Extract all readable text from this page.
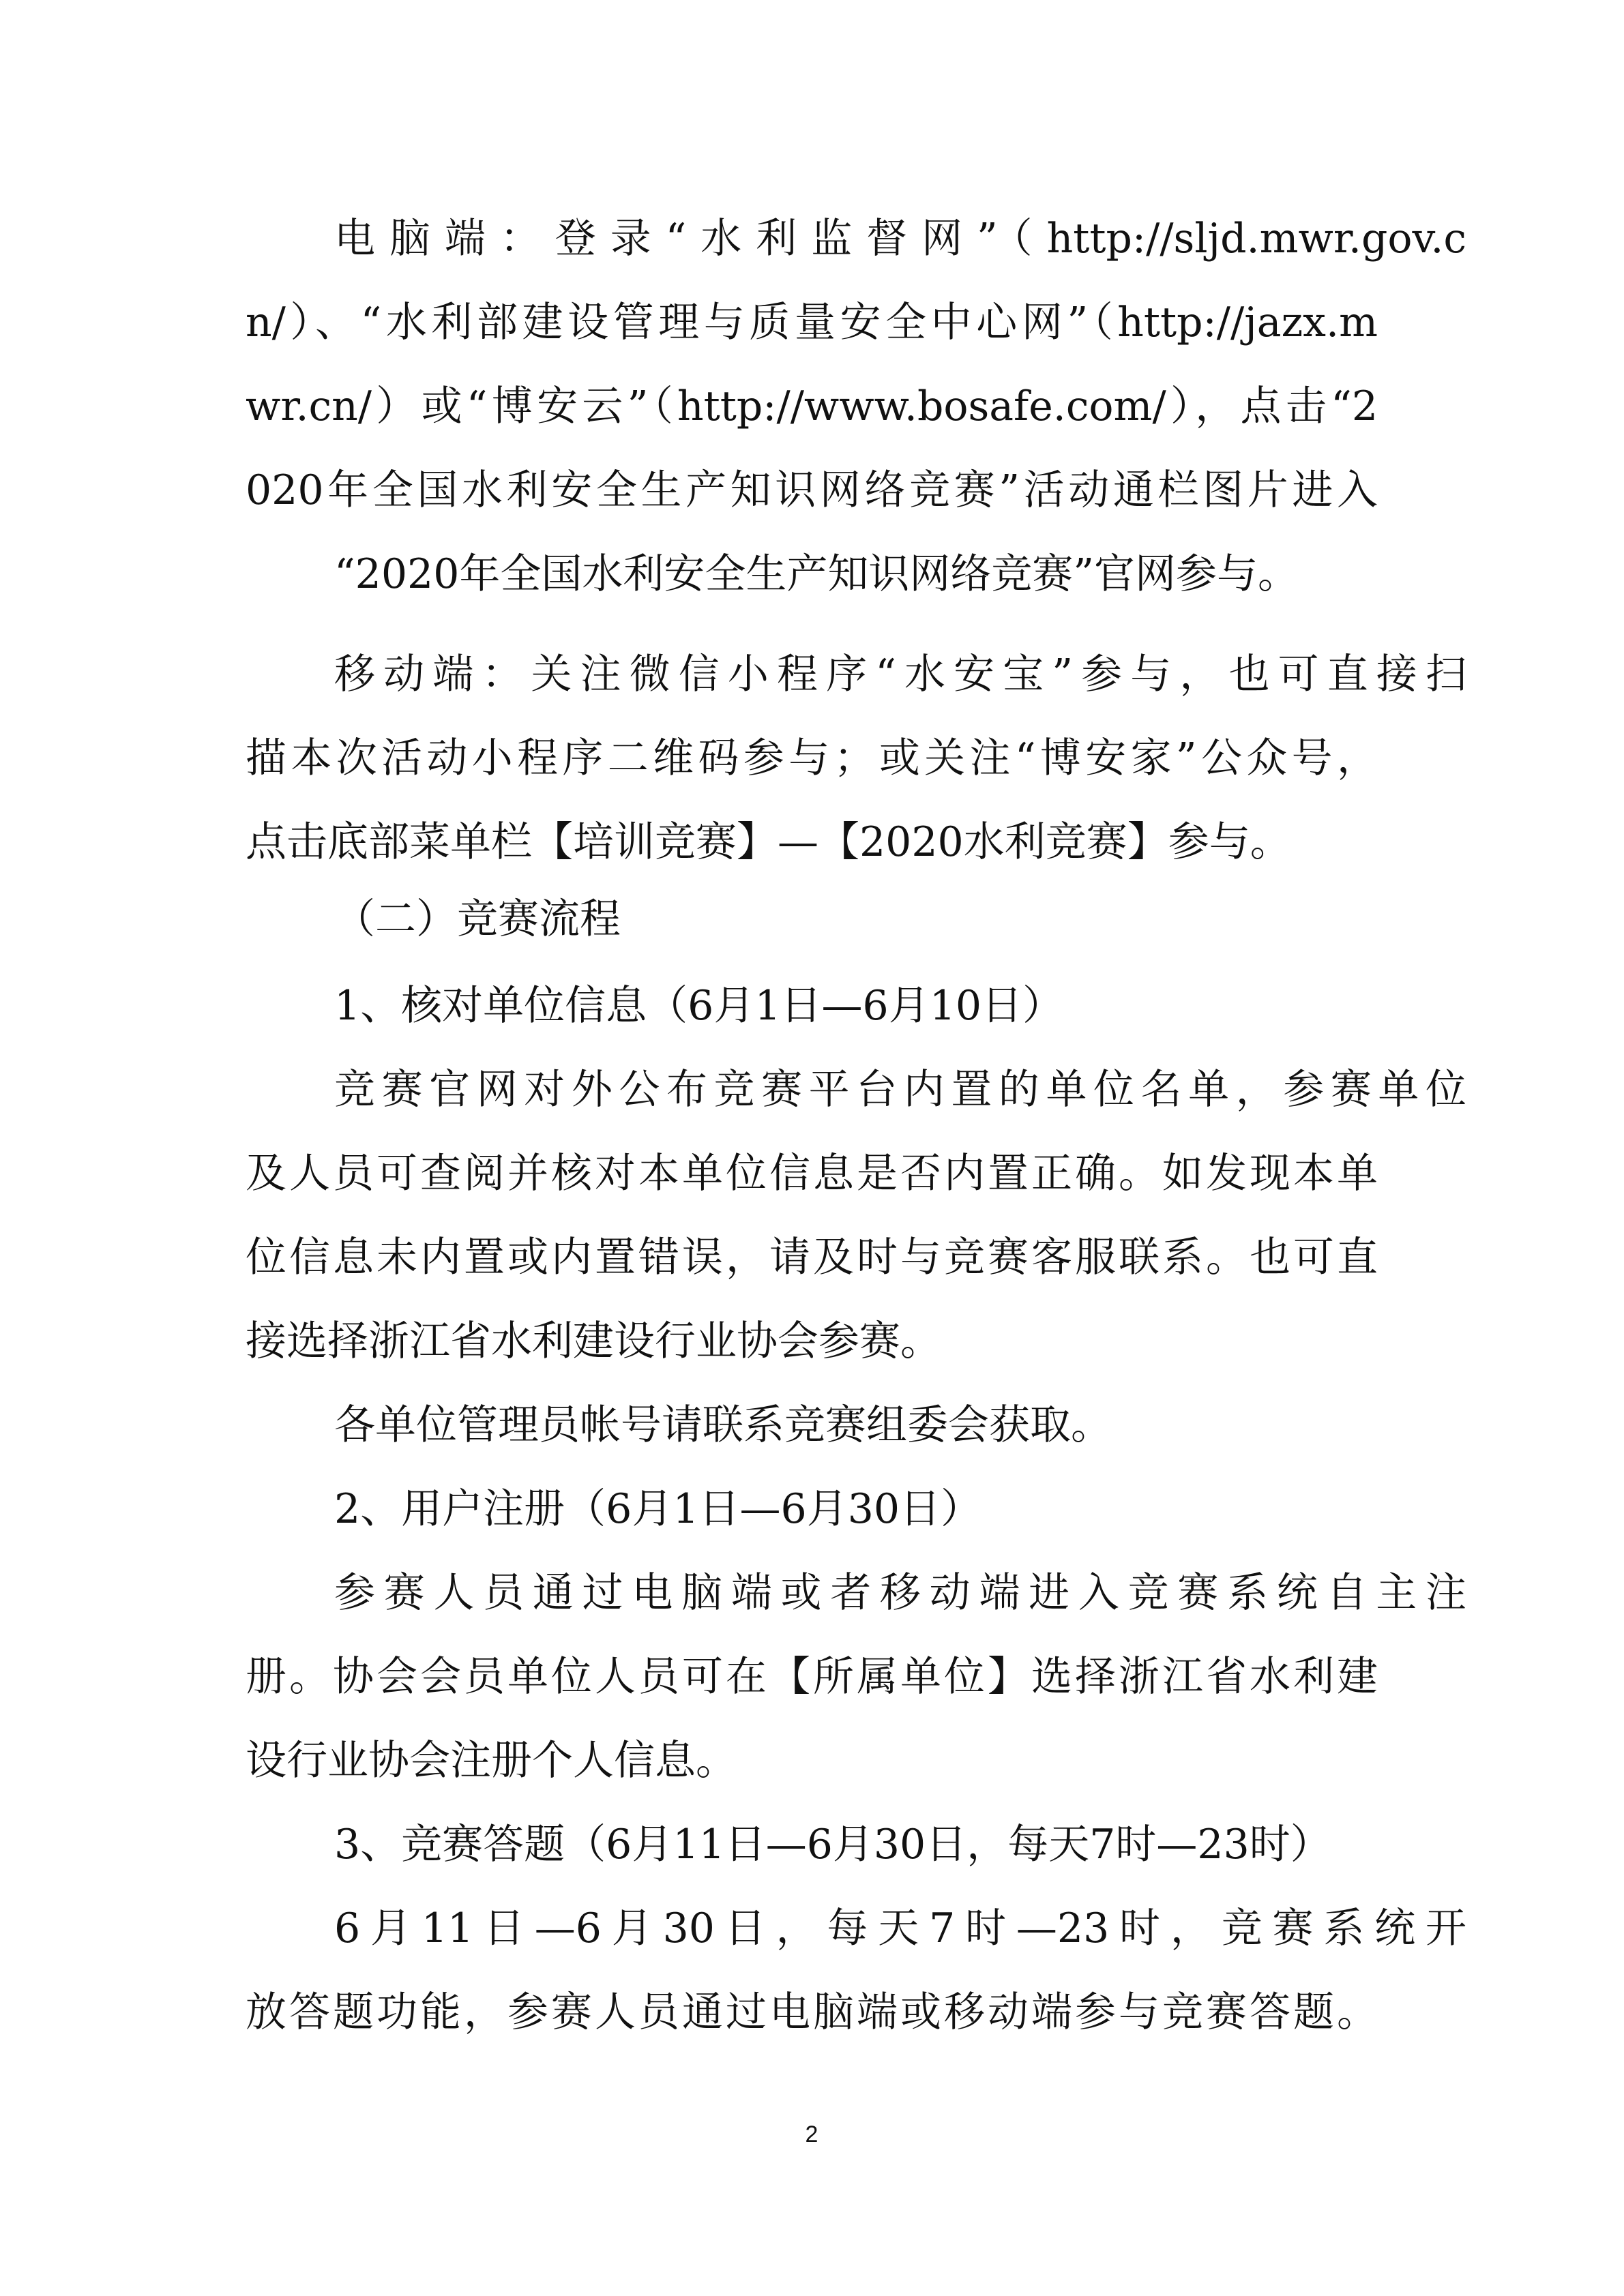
电脑端：登录“水利监督网”（http://sljd.mwr.gov.c
n/）、“水利部建设管理与质量安全中心网”（http://jazx.m
wr.cn/）或“博安云”（http://www.bosafe.com/），点击“2
020年全国水利安全生产知识网络竞赛”活动通栏图片进入
“2020年全国水利安全生产知识网络竞赛”官网参与。
移动端：关注微信小程序“水安宝”参与，也可直接扫
描本次活动小程序二维码参与；或关注“博安家”公众号，
点击底部菜单栏【培训竞赛】—【2020水利竞赛】参与。
（二）竞赛流程
1、核对单位信息（6月1日—6月10日）
竞赛官网对外公布竞赛平台内置的单位名单，参赛单位
及人员可查阅并核对本单位信息是否内置正确。如发现本单
位信息未内置或内置错误，请及时与竞赛客服联系。也可直
接选择浙江省水利建设行业协会参赛。
各单位管理员帐号请联系竞赛组委会获取。
2、用户注册（6月1日—6月30日）
参赛人员通过电脑端或者移动端进入竞赛系统自主注
册。协会会员单位人员可在【所属单位】选择浙江省水利建
设行业协会注册个人信息。
3、竞赛答题（6月11日—6月30日，每天7时—23时）
6月11日—6月30日，每天7时—23时，竞赛系统开
放答题功能，参赛人员通过电脑端或移动端参与竞赛答题。
2
